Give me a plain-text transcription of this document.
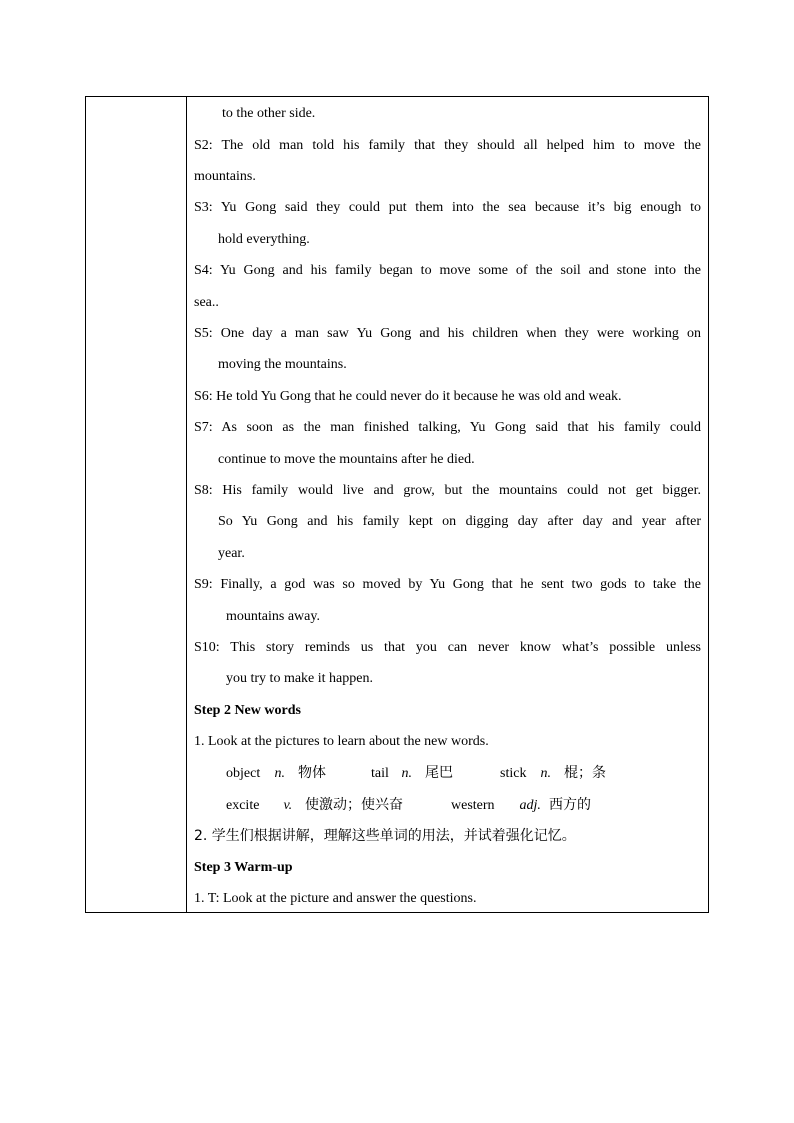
to the other side.
S2: The old man told his family that they should all helped him to move the
mountains.
S3: Yu Gong said they could put them into the sea because it’s big enough to
hold everything.
S4: Yu Gong and his family began to move some of the soil and stone into the
sea..
S5: One day a man saw Yu Gong and his children when they were working on
moving the mountains.
S6: He told Yu Gong that he could never do it because he was old and weak.
S7: As soon as the man finished talking, Yu Gong said that his family could
continue to move the mountains after he died.
S8: His family would live and grow, but the mountains could not get bigger.
So Yu Gong and his family kept on digging day after day and year after
year.
S9: Finally, a god was so moved by Yu Gong that he sent two gods to take the
mountains away.
S10: This story reminds us that you can never know what’s possible unless
you try to make it happen.
Step 2 New words
1. Look at the pictures to learn about the new words.
object n. 物体	tail n. 尾巴	stick n. 棍；条
excite v. 使激动；使兴奋	western adj. 西方的
2. 学生们根据讲解，理解这些单词的用法，并试着强化记忆。
Step 3 Warm-up
1. T: Look at the picture and answer the questions.
